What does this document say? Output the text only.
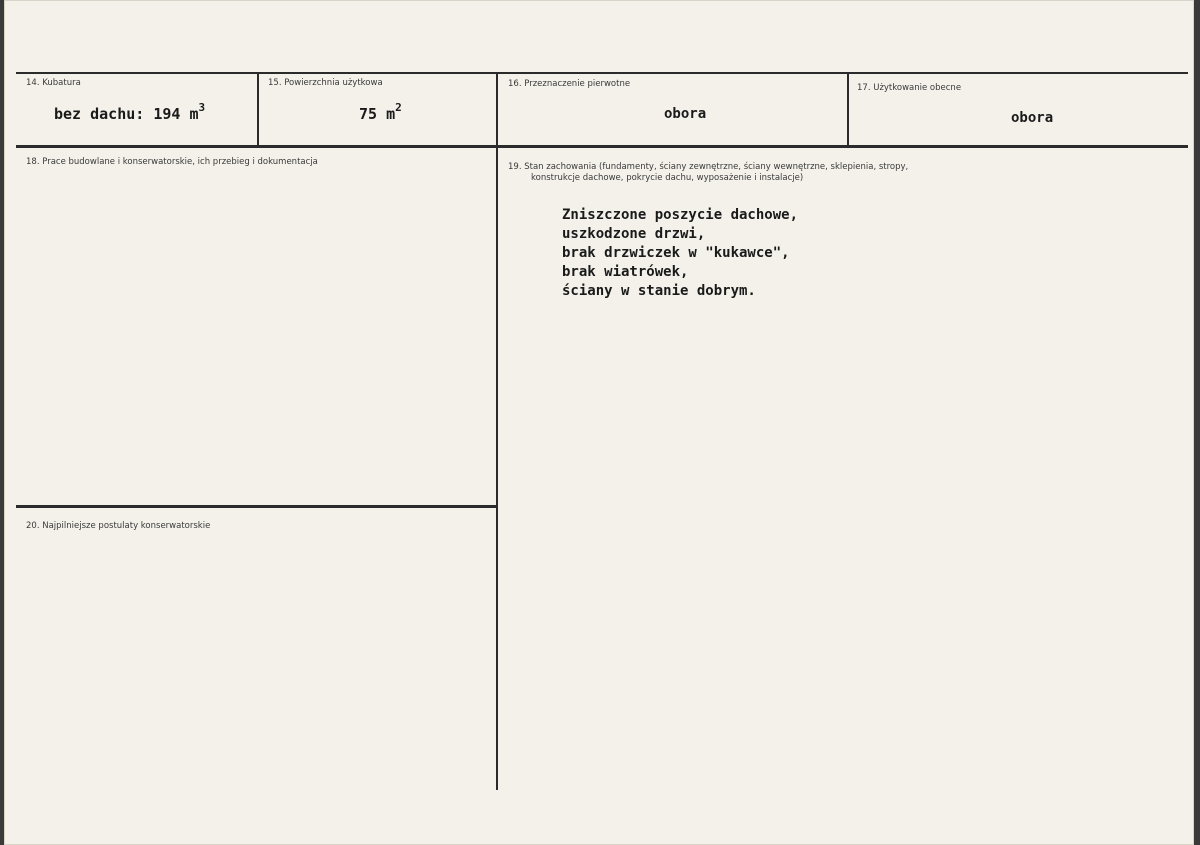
14. Kubatura
bez dachu: 194 $m^3$
15. Powierzchnia użytkowa
75 $m^2$
16. Przeznaczenie pierwotne
obora
17. Użytkowanie obecne
obora
18. Prace budowlane i konserwatorskie, ich przebieg i dokumentacja	19. Stan zachowania (fundamenty, ściany zewnętrzne, ściany wewnętrzne, sklepienia, stropy,
konstrukcje dachowe, pokrycie dachu, wyposażenie i instalacje)
Zniszczone poszycie dachowe,
uszkodzone drzwi,
brak drzwiczek w "kukawce",
brak wiatrówek,
ściany w stanie dobrym.
20. Najpilniejsze postulaty konserwatorskie
